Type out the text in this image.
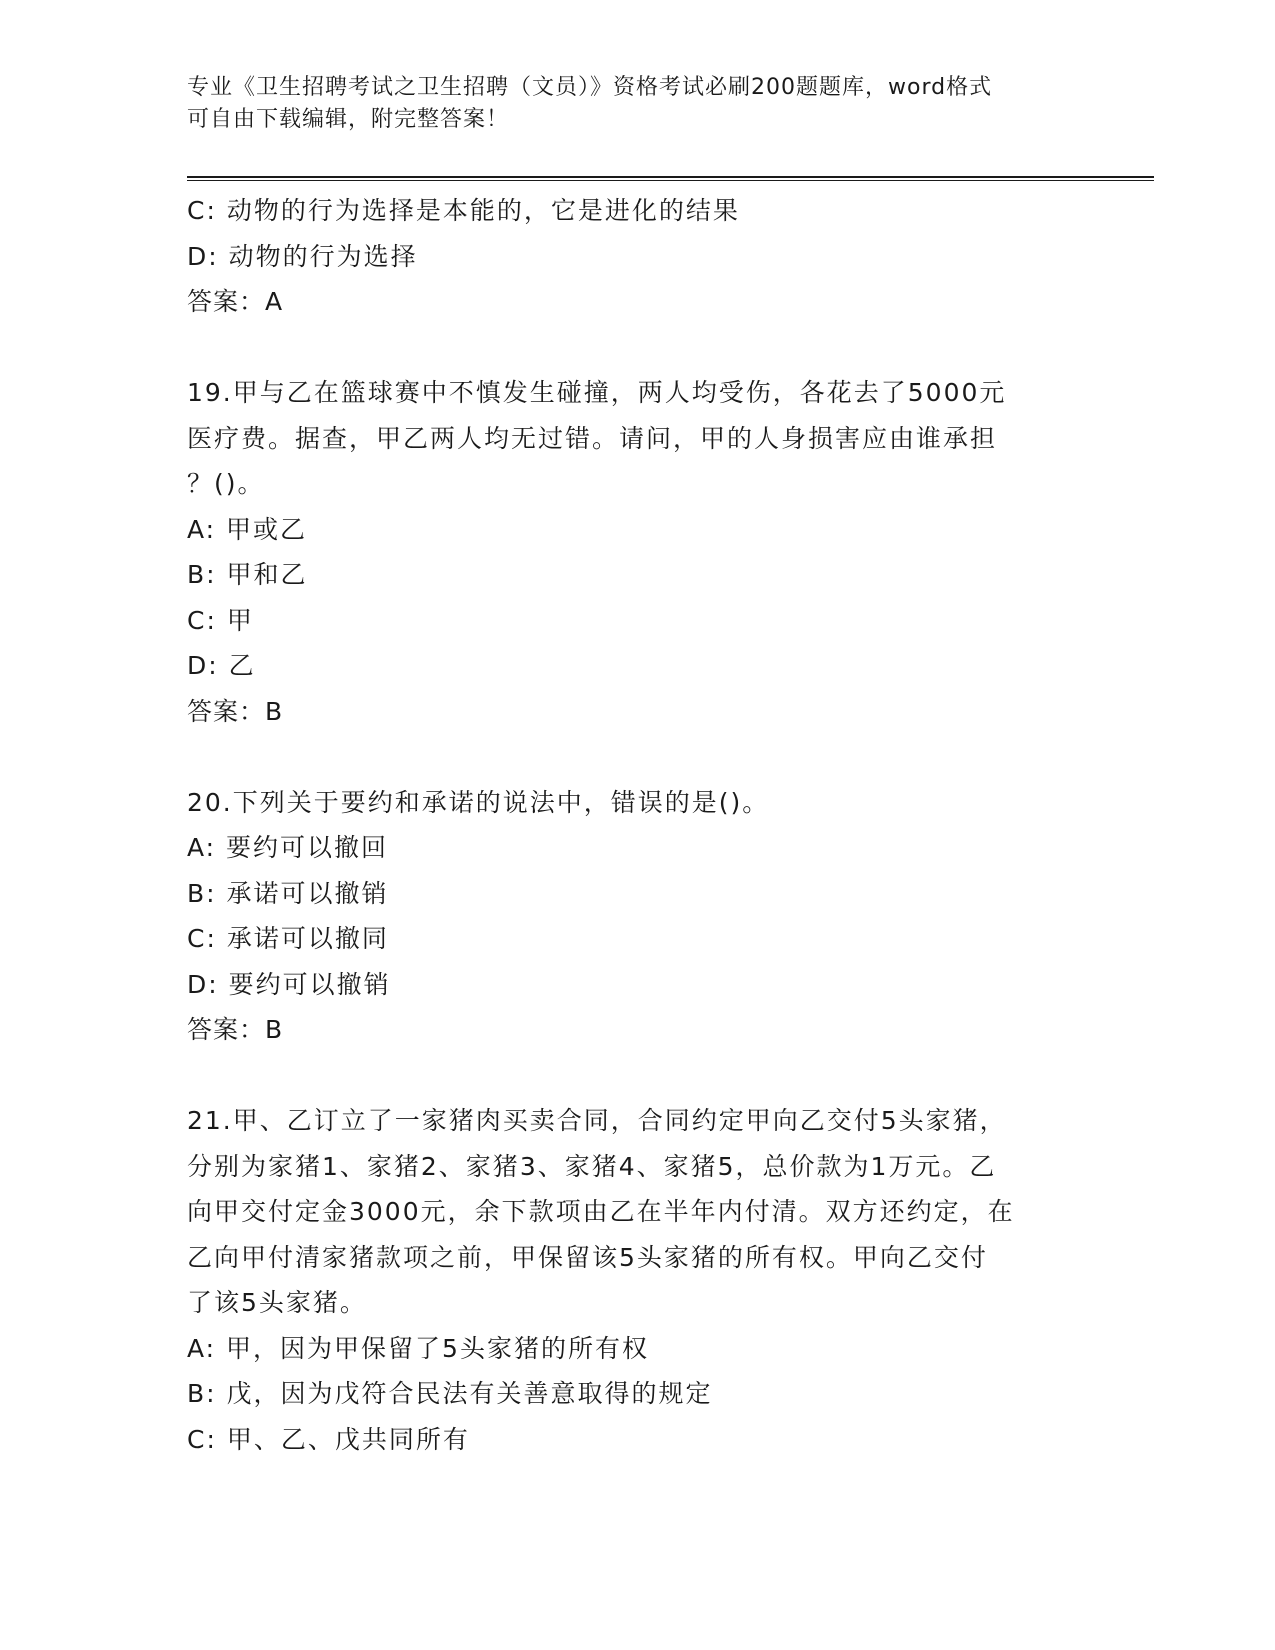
专业《卫生招聘考试之卫生招聘（文员）》资格考试必刷200题题库，word格式
可自由下载编辑，附完整答案！
C: 动物的行为选择是本能的，它是进化的结果
D: 动物的行为选择
答案：A
19.甲与乙在篮球赛中不慎发生碰撞，两人均受伤，各花去了5000元
医疗费。据查，甲乙两人均无过错。请问，甲的人身损害应由谁承担
？()。
A: 甲或乙
B: 甲和乙
C: 甲
D: 乙
答案：B
20.下列关于要约和承诺的说法中，错误的是()。
A: 要约可以撤回
B: 承诺可以撤销
C: 承诺可以撤同
D: 要约可以撤销
答案：B
21.甲、乙订立了一家猪肉买卖合同，合同约定甲向乙交付5头家猪，
分别为家猪1、家猪2、家猪3、家猪4、家猪5，总价款为1万元。乙
向甲交付定金3000元，余下款项由乙在半年内付清。双方还约定，在
乙向甲付清家猪款项之前，甲保留该5头家猪的所有权。甲向乙交付
了该5头家猪。
A: 甲，因为甲保留了5头家猪的所有权
B: 戊，因为戊符合民法有关善意取得的规定
C: 甲、乙、戊共同所有
